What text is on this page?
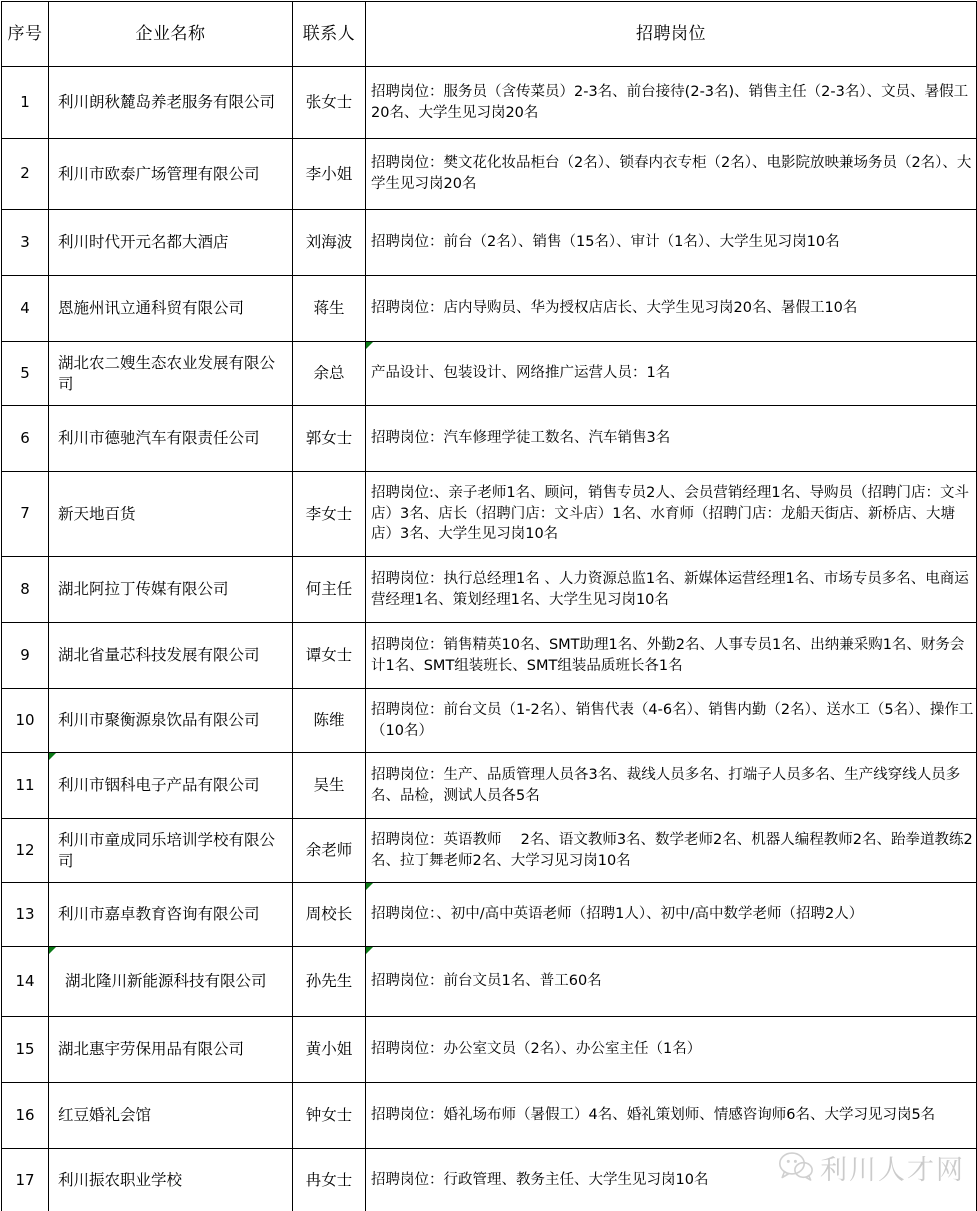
序号	企业名称	联系人	招聘岗位

1	利川朗秋麓岛养老服务有限公司	张女士	招聘岗位：服务员（含传菜员）2-3名、前台接待(2-3名)、销售主任（2-3名）、文员、暑假工20名、大学生见习岗20名

2	利川市欧泰广场管理有限公司	李小姐	招聘岗位：樊文花化妆品柜台（2名）、锁春内衣专柜（2名）、电影院放映兼场务员（2名）、大学生见习岗20名

3	利川时代开元名都大酒店	刘海波	招聘岗位：前台（2名）、销售（15名）、审计（1名）、大学生见习岗10名

4	恩施州讯立通科贸有限公司	蒋生	招聘岗位：店内导购员、华为授权店店长、大学生见习岗20名、暑假工10名

5	湖北农二嫂生态农业发展有限公司	余总	产品设计、包装设计、网络推广运营人员：1名

6	利川市德驰汽车有限责任公司	郭女士	招聘岗位：汽车修理学徒工数名、汽车销售3名

7	新天地百货	李女士	招聘岗位:、亲子老师1名、顾问，销售专员2人、会员营销经理1名、导购员（招聘门店：文斗店）3名、店长（招聘门店：文斗店）1名、水育师（招聘门店：龙船天街店、新桥店、大塘店）3名、大学生见习岗10名

8	湖北阿拉丁传媒有限公司	何主任	招聘岗位：执行总经理1名 、人力资源总监1名、新媒体运营经理1名、市场专员多名、电商运营经理1名、策划经理1名、大学生见习岗10名

9	湖北省量芯科技发展有限公司	谭女士	招聘岗位：销售精英10名、SMT助理1名、外勤2名、人事专员1名、出纳兼采购1名、财务会计1名、SMT组装班长、SMT组装品质班长各1名

10	利川市聚衡源泉饮品有限公司	陈维	招聘岗位：前台文员（1-2名）、销售代表（4-6名）、销售内勤（2名）、送水工（5名）、操作工（10名）

11	利川市铟科电子产品有限公司	吴生	招聘岗位：生产、品质管理人员各3名、裁线人员多名、打端子人员多名、生产线穿线人员多名、品检，测试人员各5名

12	利川市童成同乐培训学校有限公司	余老师	招聘岗位：英语教师　 2名、语文教师3名、数学老师2名、机器人编程教师2名、跆拳道教练2名、拉丁舞老师2名、大学习见习岗10名

13	利川市嘉卓教育咨询有限公司	周校长	招聘岗位：、初中/高中英语老师（招聘1人）、初中/高中数学老师（招聘2人）

14	湖北隆川新能源科技有限公司	孙先生	招聘岗位：前台文员1名、普工60名

15	湖北惠宇劳保用品有限公司	黄小姐	招聘岗位：办公室文员（2名）、办公室主任（1名）

16	红豆婚礼会馆	钟女士	招聘岗位：婚礼场布师（暑假工）4名、婚礼策划师、情感咨询师6名、大学习见习岗5名

17	利川振农职业学校	冉女士	招聘岗位：行政管理、教务主任、大学生见习岗10名	利川人才网
